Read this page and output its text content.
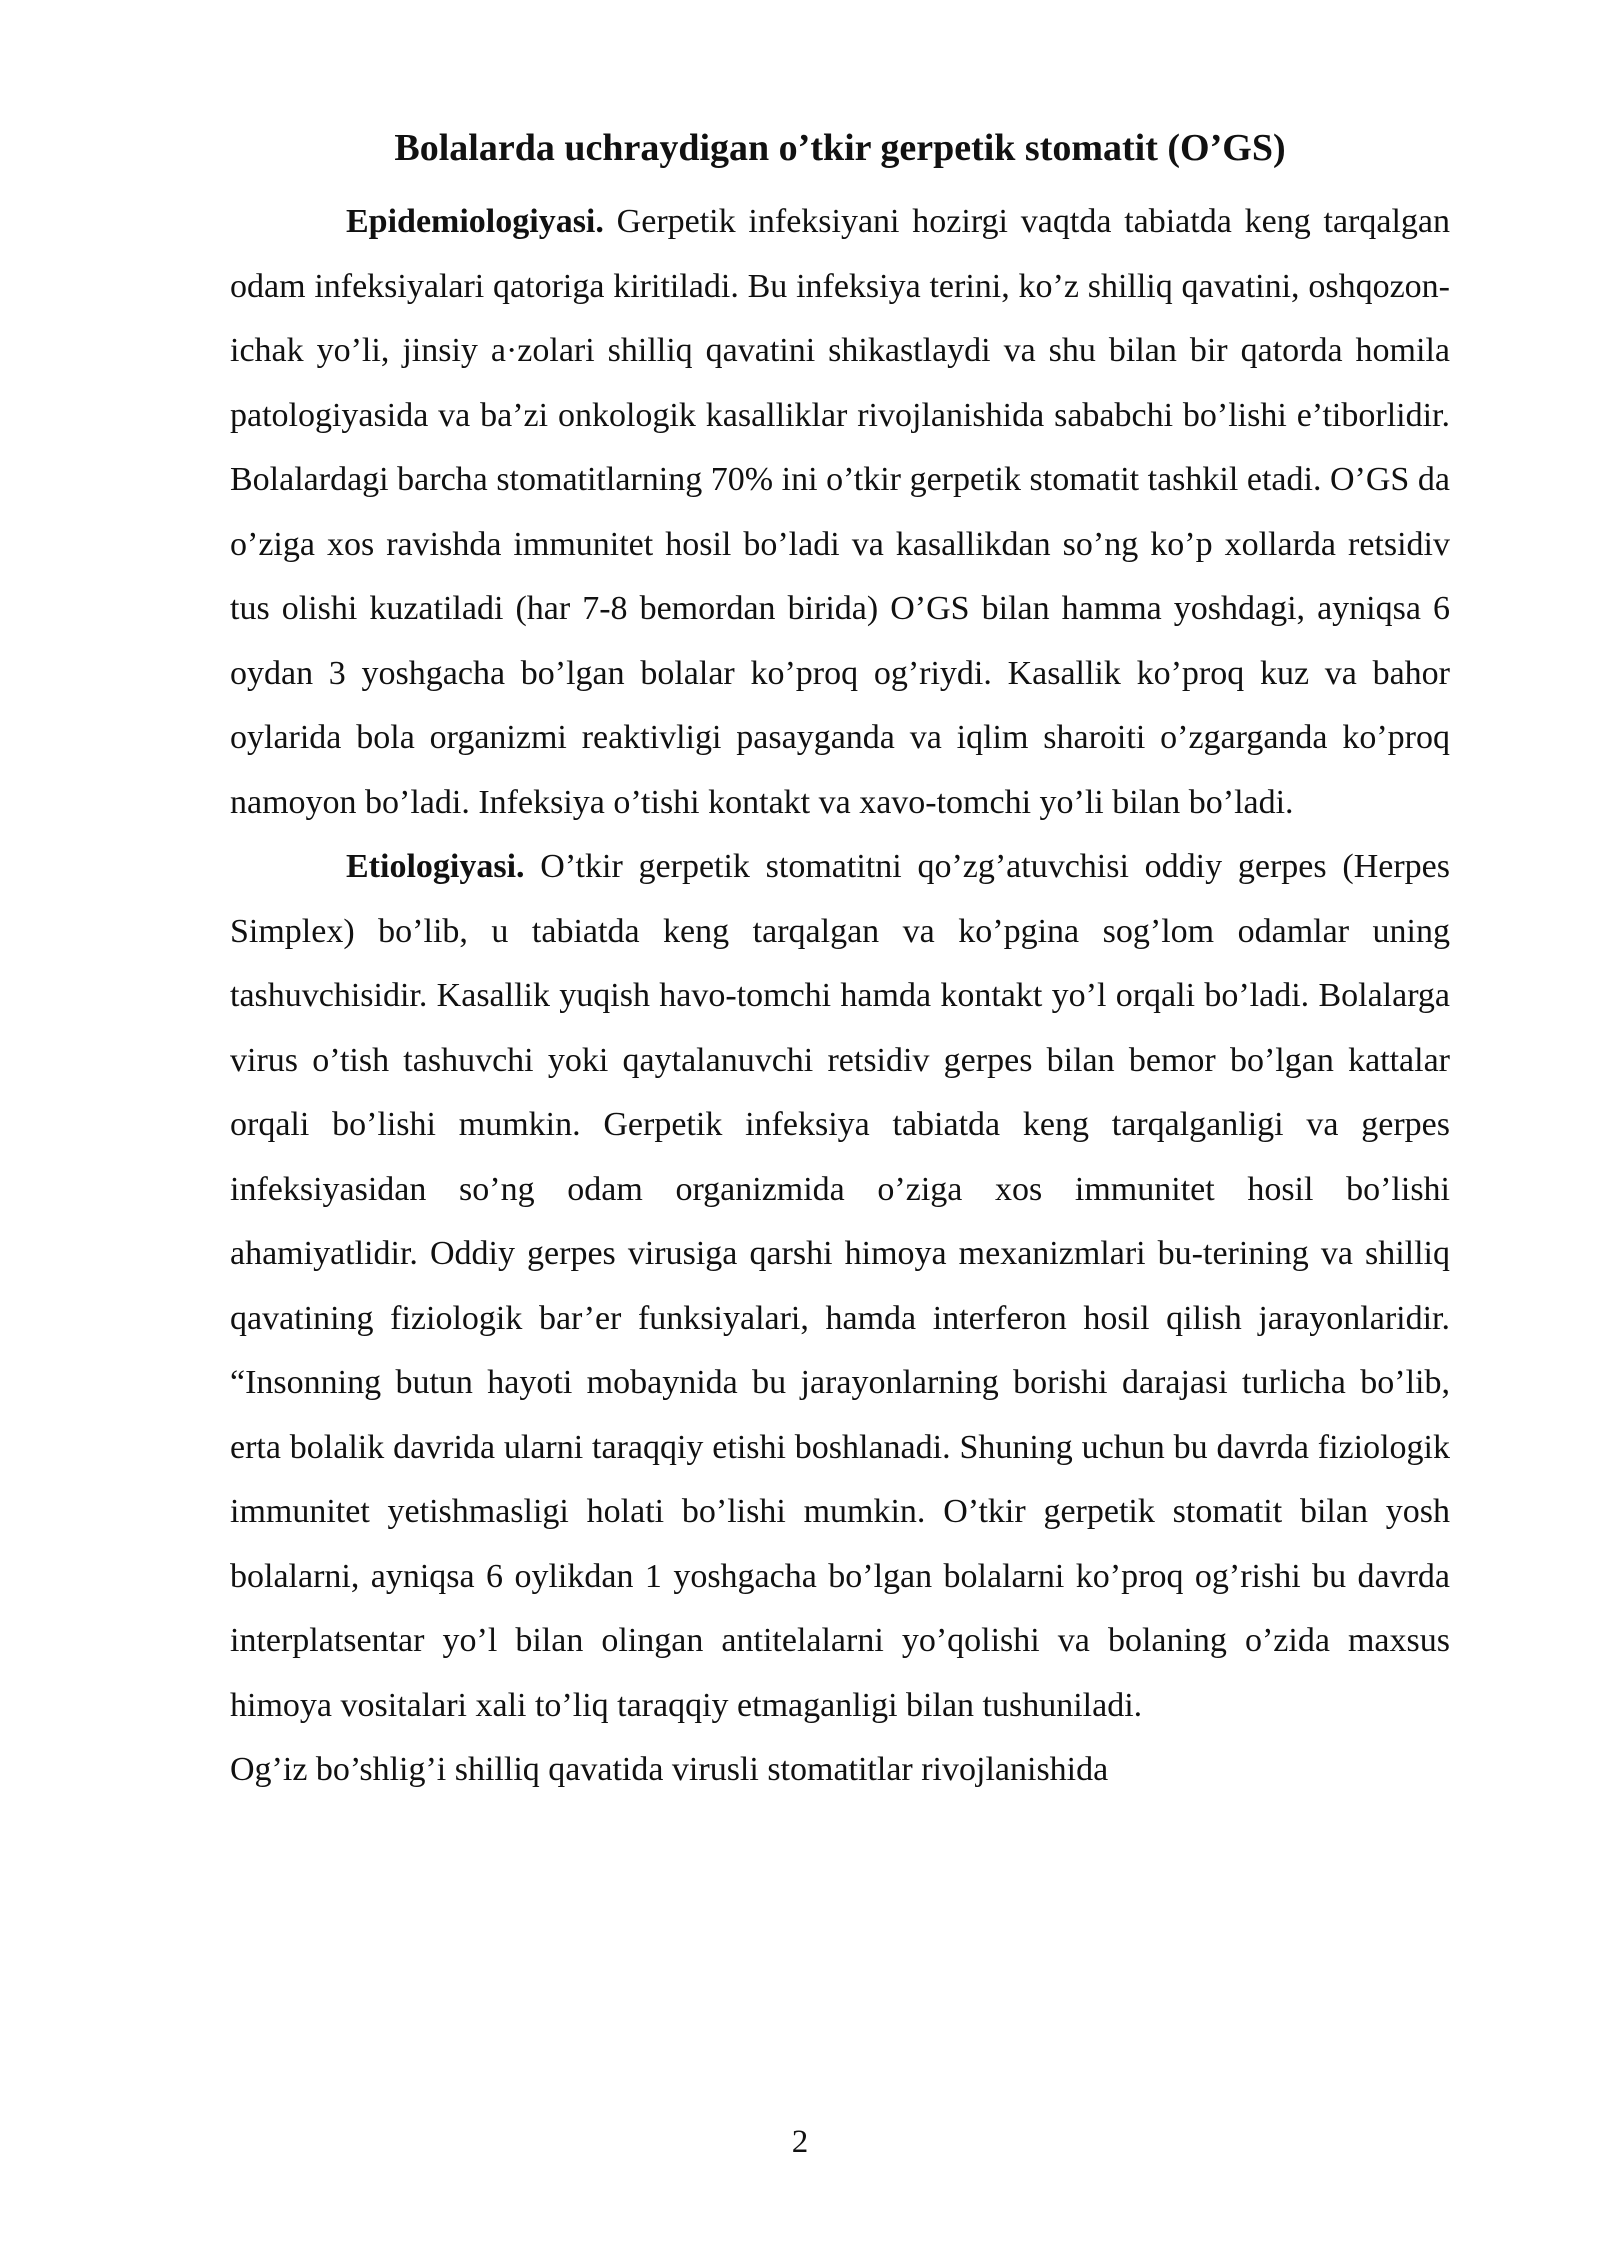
Bolalarda uchraydigan o’tkir gerpetik stomatit (O’GS)

Epidemiologiyasi. Gerpetik infeksiyani hozirgi vaqtda tabiatda keng tarqalgan odam infeksiyalari qatoriga kiritiladi. Bu infeksiya terini, ko’z shilliq qavatini, oshqozon-ichak yo’li, jinsiy a·zolari shilliq qavatini shikastlaydi va shu bilan bir qatorda homila patologiyasida va ba’zi onkologik kasalliklar rivojlanishida sababchi bo’lishi e’tiborlidir. Bolalardagi barcha stomatitlarning 70% ini o’tkir gerpetik stomatit tashkil etadi. O’GS da o’ziga xos ravishda immunitet hosil bo’ladi va kasallikdan so’ng ko’p xollarda retsidiv tus olishi kuzatiladi (har 7-8 bemordan birida) O’GS bilan hamma yoshdagi, ayniqsa 6 oydan 3 yoshgacha bo’lgan bolalar ko’proq og’riydi. Kasallik ko’proq kuz va bahor oylarida bola organizmi reaktivligi pasayganda va iqlim sharoiti o’zgarganda ko’proq namoyon bo’ladi. Infeksiya o’tishi kontakt va xavo-tomchi yo’li bilan bo’ladi.

Etiologiyasi. O’tkir gerpetik stomatitni qo’zg’atuvchisi oddiy gerpes (Herpes Simplex) bo’lib, u tabiatda keng tarqalgan va ko’pgina sog’lom odamlar uning tashuvchisidir. Kasallik yuqish havo-tomchi hamda kontakt yo’l orqali bo’ladi. Bolalarga virus o’tish tashuvchi yoki qaytalanuvchi retsidiv gerpes bilan bemor bo’lgan kattalar orqali bo’lishi mumkin. Gerpetik infeksiya tabiatda keng tarqalganligi va gerpes infeksiyasidan so’ng odam organizmida o’ziga xos immunitet hosil bo’lishi ahamiyatlidir. Oddiy gerpes virusiga qarshi himoya mexanizmlari bu-terining va shilliq qavatining fiziologik bar’er funksiyalari, hamda interferon hosil qilish jarayonlaridir. “Insonning butun hayoti mobaynida bu jarayonlarning borishi darajasi turlicha bo’lib, erta bolalik davrida ularni taraqqiy etishi boshlanadi. Shuning uchun bu davrda fiziologik immunitet yetishmasligi holati bo’lishi mumkin. O’tkir gerpetik stomatit bilan yosh bolalarni, ayniqsa 6 oylikdan 1 yoshgacha bo’lgan bolalarni ko’proq og’rishi bu davrda interplatsentar yo’l bilan olingan antitelalarni yo’qolishi va bolaning o’zida maxsus himoya vositalari xali to’liq taraqqiy etmaganligi bilan tushuniladi.

Og’iz bo’shlig’i shilliq qavatida virusli stomatitlar rivojlanishida

2
